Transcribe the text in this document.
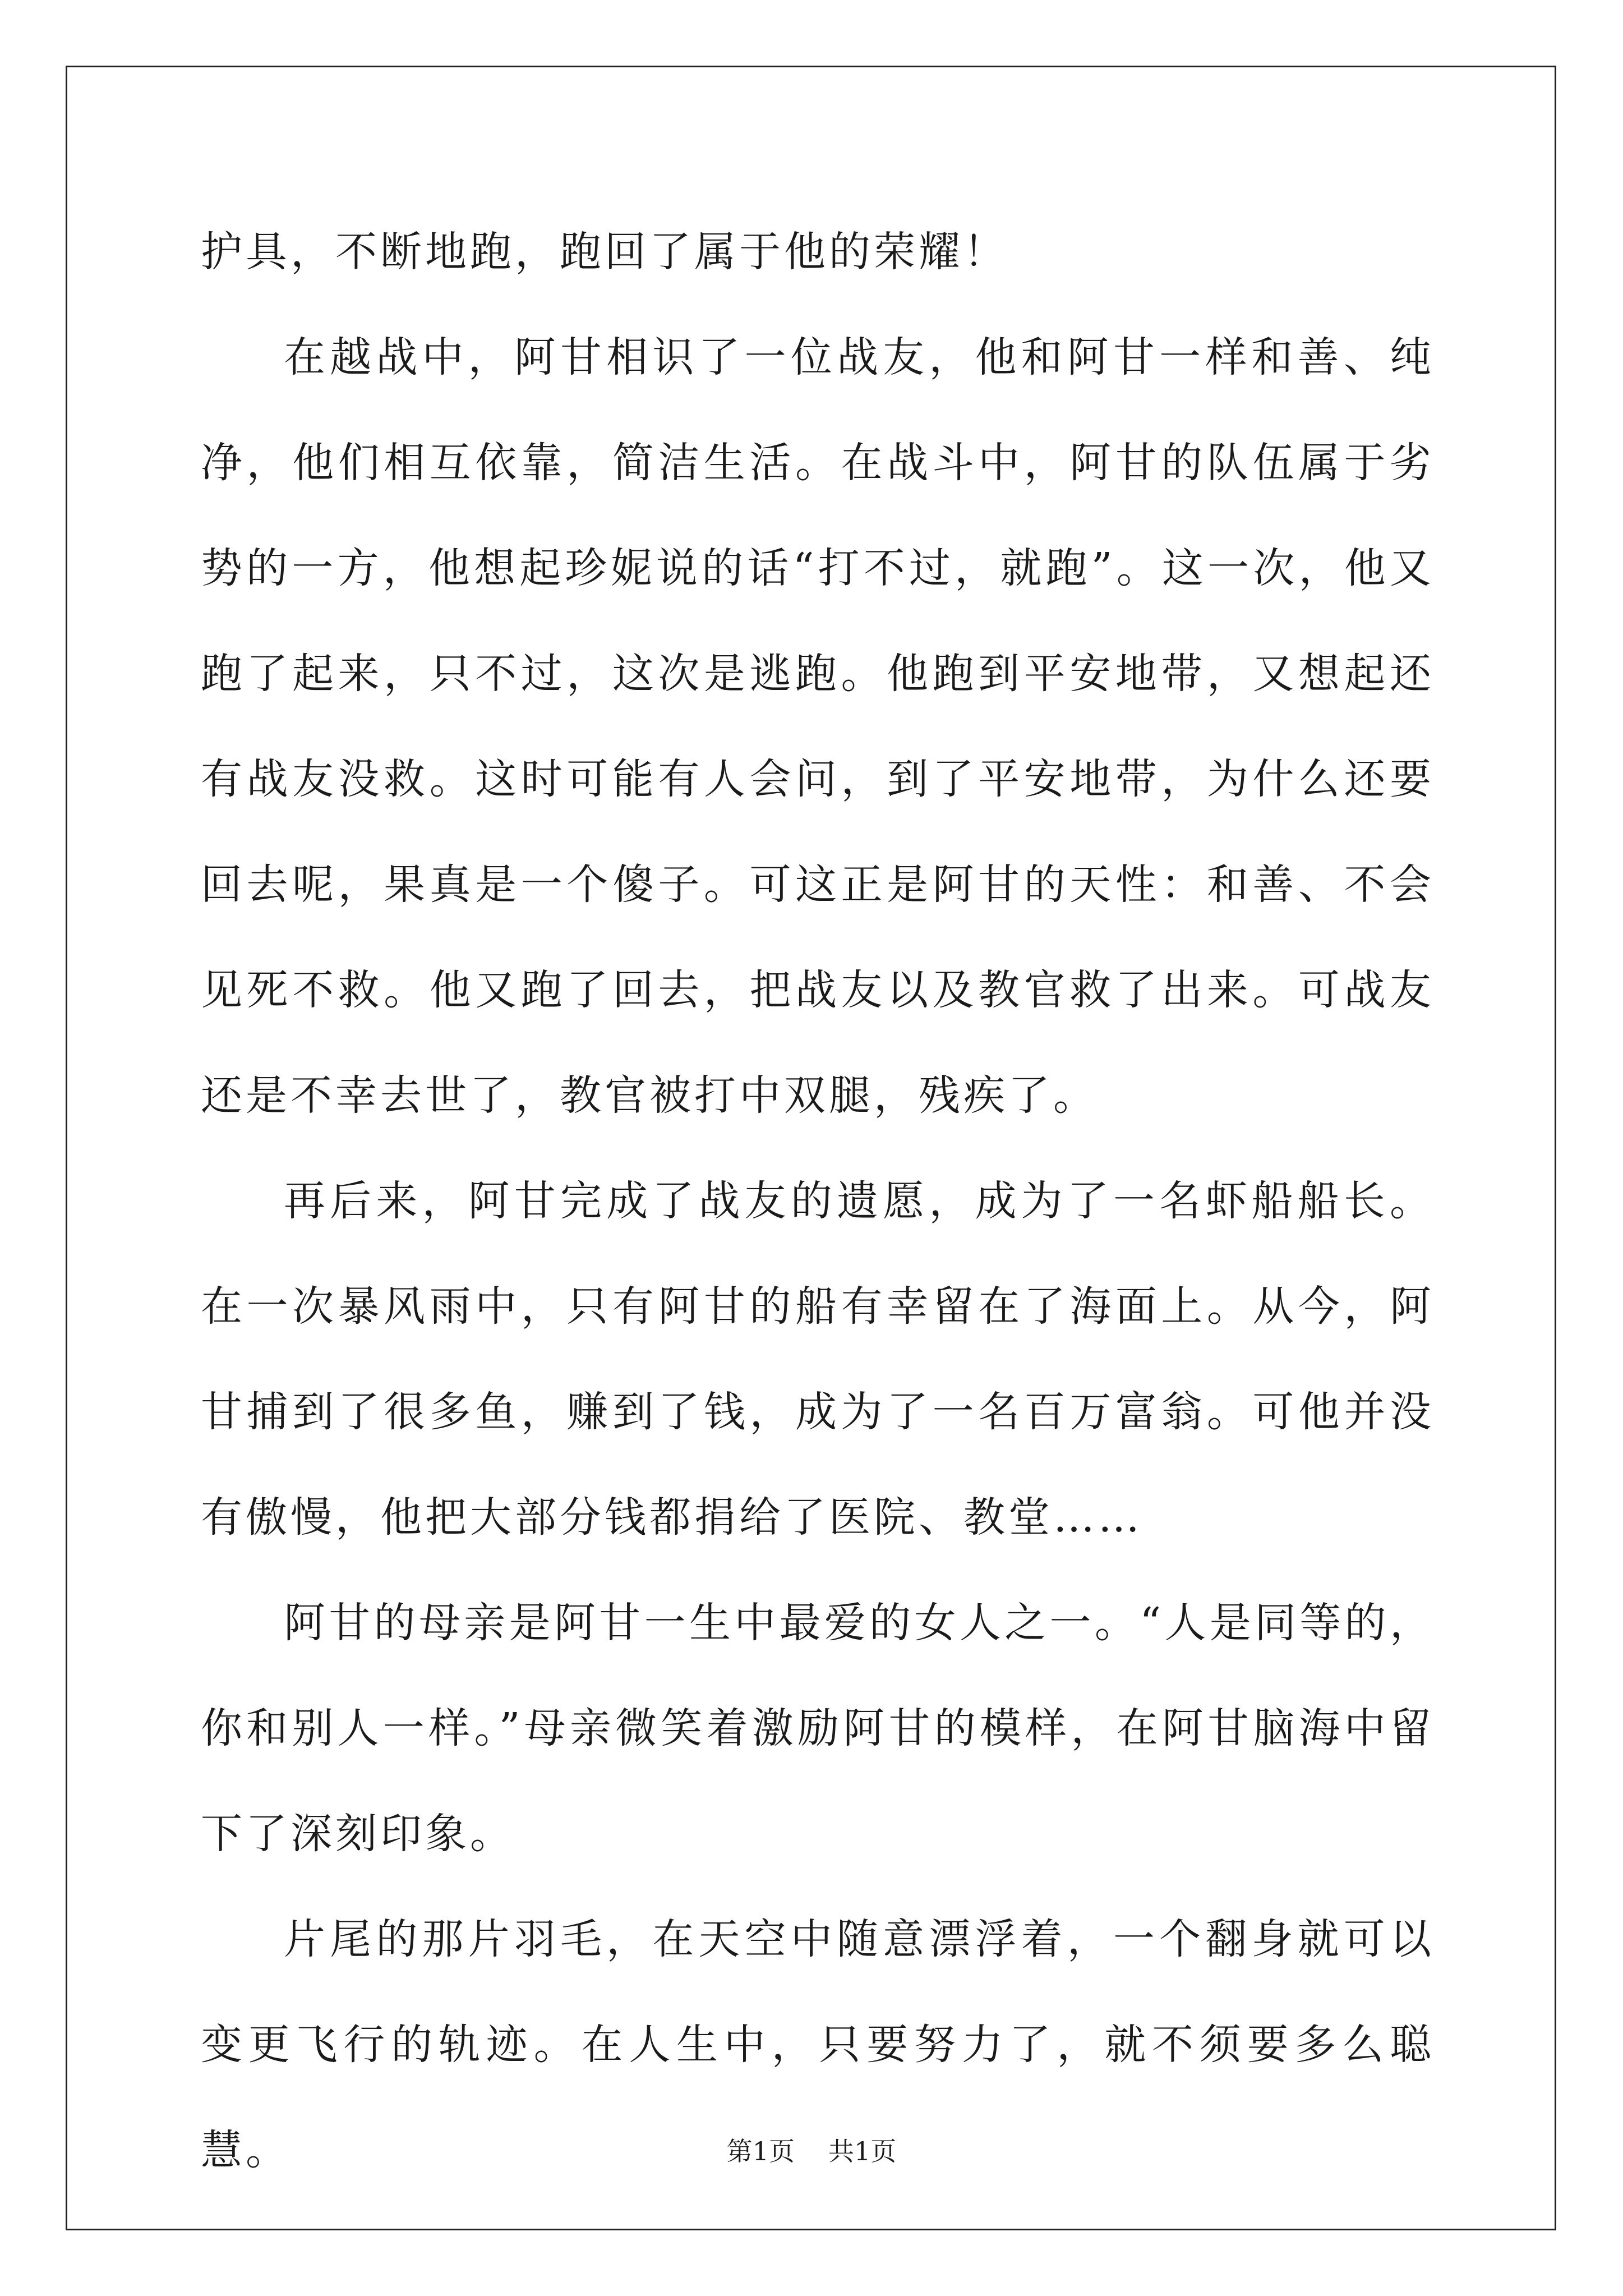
护具，不断地跑，跑回了属于他的荣耀！

在越战中，阿甘相识了一位战友，他和阿甘一样和善、纯净，他们相互依靠，简洁生活。在战斗中，阿甘的队伍属于劣势的一方，他想起珍妮说的话“打不过，就跑”。这一次，他又跑了起来，只不过，这次是逃跑。他跑到平安地带，又想起还有战友没救。这时可能有人会问，到了平安地带，为什么还要回去呢，果真是一个傻子。可这正是阿甘的天性：和善、不会见死不救。他又跑了回去，把战友以及教官救了出来。可战友还是不幸去世了，教官被打中双腿，残疾了。

再后来，阿甘完成了战友的遗愿，成为了一名虾船船长。在一次暴风雨中，只有阿甘的船有幸留在了海面上。从今，阿甘捕到了很多鱼，赚到了钱，成为了一名百万富翁。可他并没有傲慢，他把大部分钱都捐给了医院、教堂……

阿甘的母亲是阿甘一生中最爱的女人之一。“人是同等的，你和别人一样。”母亲微笑着激励阿甘的模样，在阿甘脑海中留下了深刻印象。

片尾的那片羽毛，在天空中随意漂浮着，一个翻身就可以变更飞行的轨迹。在人生中，只要努力了，就不须要多么聪慧。	第1页 共1页
